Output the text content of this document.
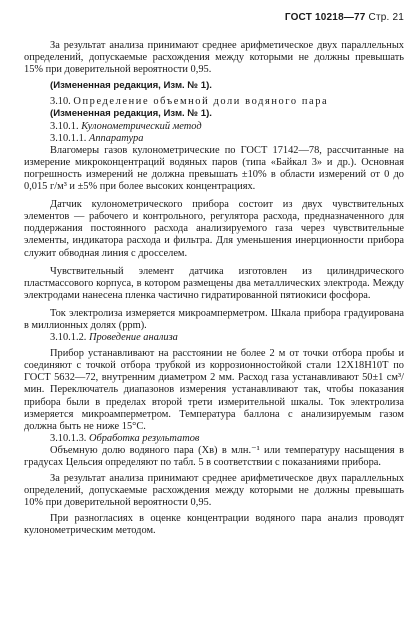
ГОСТ 10218—77 Стр. 21

За результат анализа принимают среднее арифметическое двух параллельных определений, допускаемые расхождения между которыми не должны превышать 15% при доверительной вероятности 0,95.

(Измененная редакция, Изм. № 1).

3.10. Определение объемной доли водяного пара

(Измененная редакция, Изм. № 1).

3.10.1. Кулонометрический метод

3.10.1.1. Аппаратура

Влагомеры газов кулонометрические по ГОСТ 17142—78, рассчитанные на измерение микроконцентраций водяных паров (типа «Байкал 3» и др.). Основная погрешность измерений не должна превышать ±10% в области измерений от 0 до 0,015 г/м³ и ±5% при более высоких концентрациях.

Датчик кулонометрического прибора состоит из двух чувствительных элементов — рабочего и контрольного, регулятора расхода, предназначенного для поддержания постоянного расхода анализируемого газа через чувствительные элементы, индикатора расхода и фильтра. Для уменьшения инерционности прибора служит обводная линия с дросселем.

Чувствительный элемент датчика изготовлен из цилиндрического пластмассового корпуса, в котором размещены два металлических электрода. Между электродами нанесена пленка частично гидратированной пятиокиси фосфора.

Ток электролиза измеряется микроамперметром. Шкала прибора градуирована в миллионных долях (ppm).

3.10.1.2. Проведение анализа

Прибор устанавливают на расстоянии не более 2 м от точки отбора пробы и соединяют с точкой отбора трубкой из коррозионностойкой стали 12Х18Н10Т по ГОСТ 5632—72, внутренним диаметром 2 мм. Расход газа устанавливают 50±1 см³/мин. Переключатель диапазонов измерения устанавливают так, чтобы показания прибора были в пределах второй трети измерительной шкалы. Ток электролиза измеряется микроамперметром. Температура баллона с анализируемым газом должна быть не ниже 15°С.

3.10.1.3. Обработка результатов

Объемную долю водяного пара (Xв) в млн.⁻¹ или температуру насыщения в градусах Цельсия определяют по табл. 5 в соответствии с показаниями прибора.

За результат анализа принимают среднее арифметическое двух параллельных определений, допускаемые расхождения между которыми не должны превышать 10% при доверительной вероятности 0,95.

При разногласиях в оценке концентрации водяного пара анализ проводят кулонометрическим методом.
